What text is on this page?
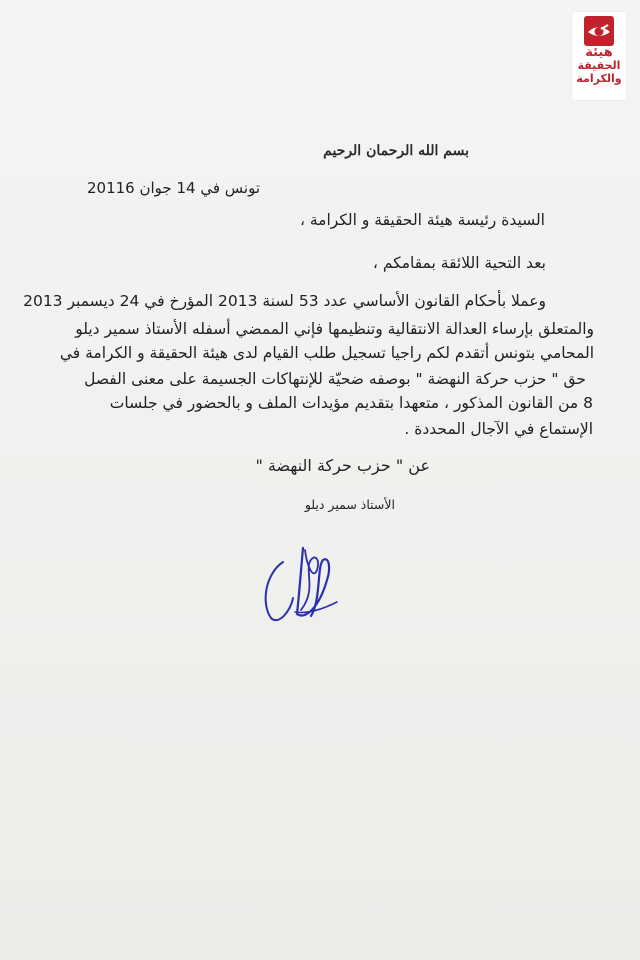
هيئة

الحقيقة

والكرامة

بسم الله الرحمان الرحيم
تونس في 14 جوان 20116
السيدة رئيسة هيئة الحقيقة و الكرامة ،
بعد التحية اللائقة بمقامكم ،
وعملا بأحكام القانون الأساسي عدد 53 لسنة 2013 المؤرخ في 24 ديسمبر 2013
والمتعلق بإرساء العدالة الانتقالية وتنظيمها فإني الممضي أسفله الأستاذ سمير ديلو
المحامي بتونس أتقدم لكم راجيا تسجيل طلب القيام لدى هيئة الحقيقة و الكرامة في
حق " حزب حركة النهضة " بوصفه ضحيّة للإنتهاكات الجسيمة على معنى الفصل
8 من القانون المذكور ، متعهدا بتقديم مؤيدات الملف و بالحضور في جلسات
الإستماع في الآجال المحددة .
عن " حزب حركة النهضة "
الأستاذ سمير ديلو
